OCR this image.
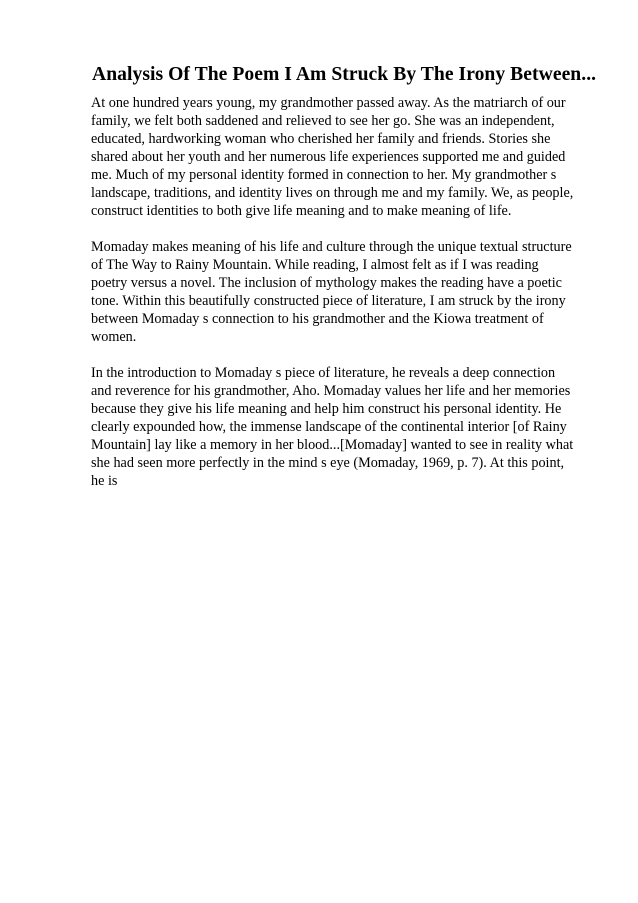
Analysis Of The Poem I Am Struck By The Irony Between...

At one hundred years young, my grandmother passed away. As the matriarch of our
family, we felt both saddened and relieved to see her go. She was an independent,
educated, hardworking woman who cherished her family and friends. Stories she
shared about her youth and her numerous life experiences supported me and guided
me. Much of my personal identity formed in connection to her. My grandmother s
landscape, traditions, and identity lives on through me and my family. We, as people,
construct identities to both give life meaning and to make meaning of life.

Momaday makes meaning of his life and culture through the unique textual structure
of The Way to Rainy Mountain. While reading, I almost felt as if I was reading
poetry versus a novel. The inclusion of mythology makes the reading have a poetic
tone. Within this beautifully constructed piece of literature, I am struck by the irony
between Momaday s connection to his grandmother and the Kiowa treatment of
women.

In the introduction to Momaday s piece of literature, he reveals a deep connection
and reverence for his grandmother, Aho. Momaday values her life and her memories
because they give his life meaning and help him construct his personal identity. He
clearly expounded how, the immense landscape of the continental interior [of Rainy
Mountain] lay like a memory in her blood...[Momaday] wanted to see in reality what
she had seen more perfectly in the mind s eye (Momaday, 1969, p. 7). At this point,
he is
